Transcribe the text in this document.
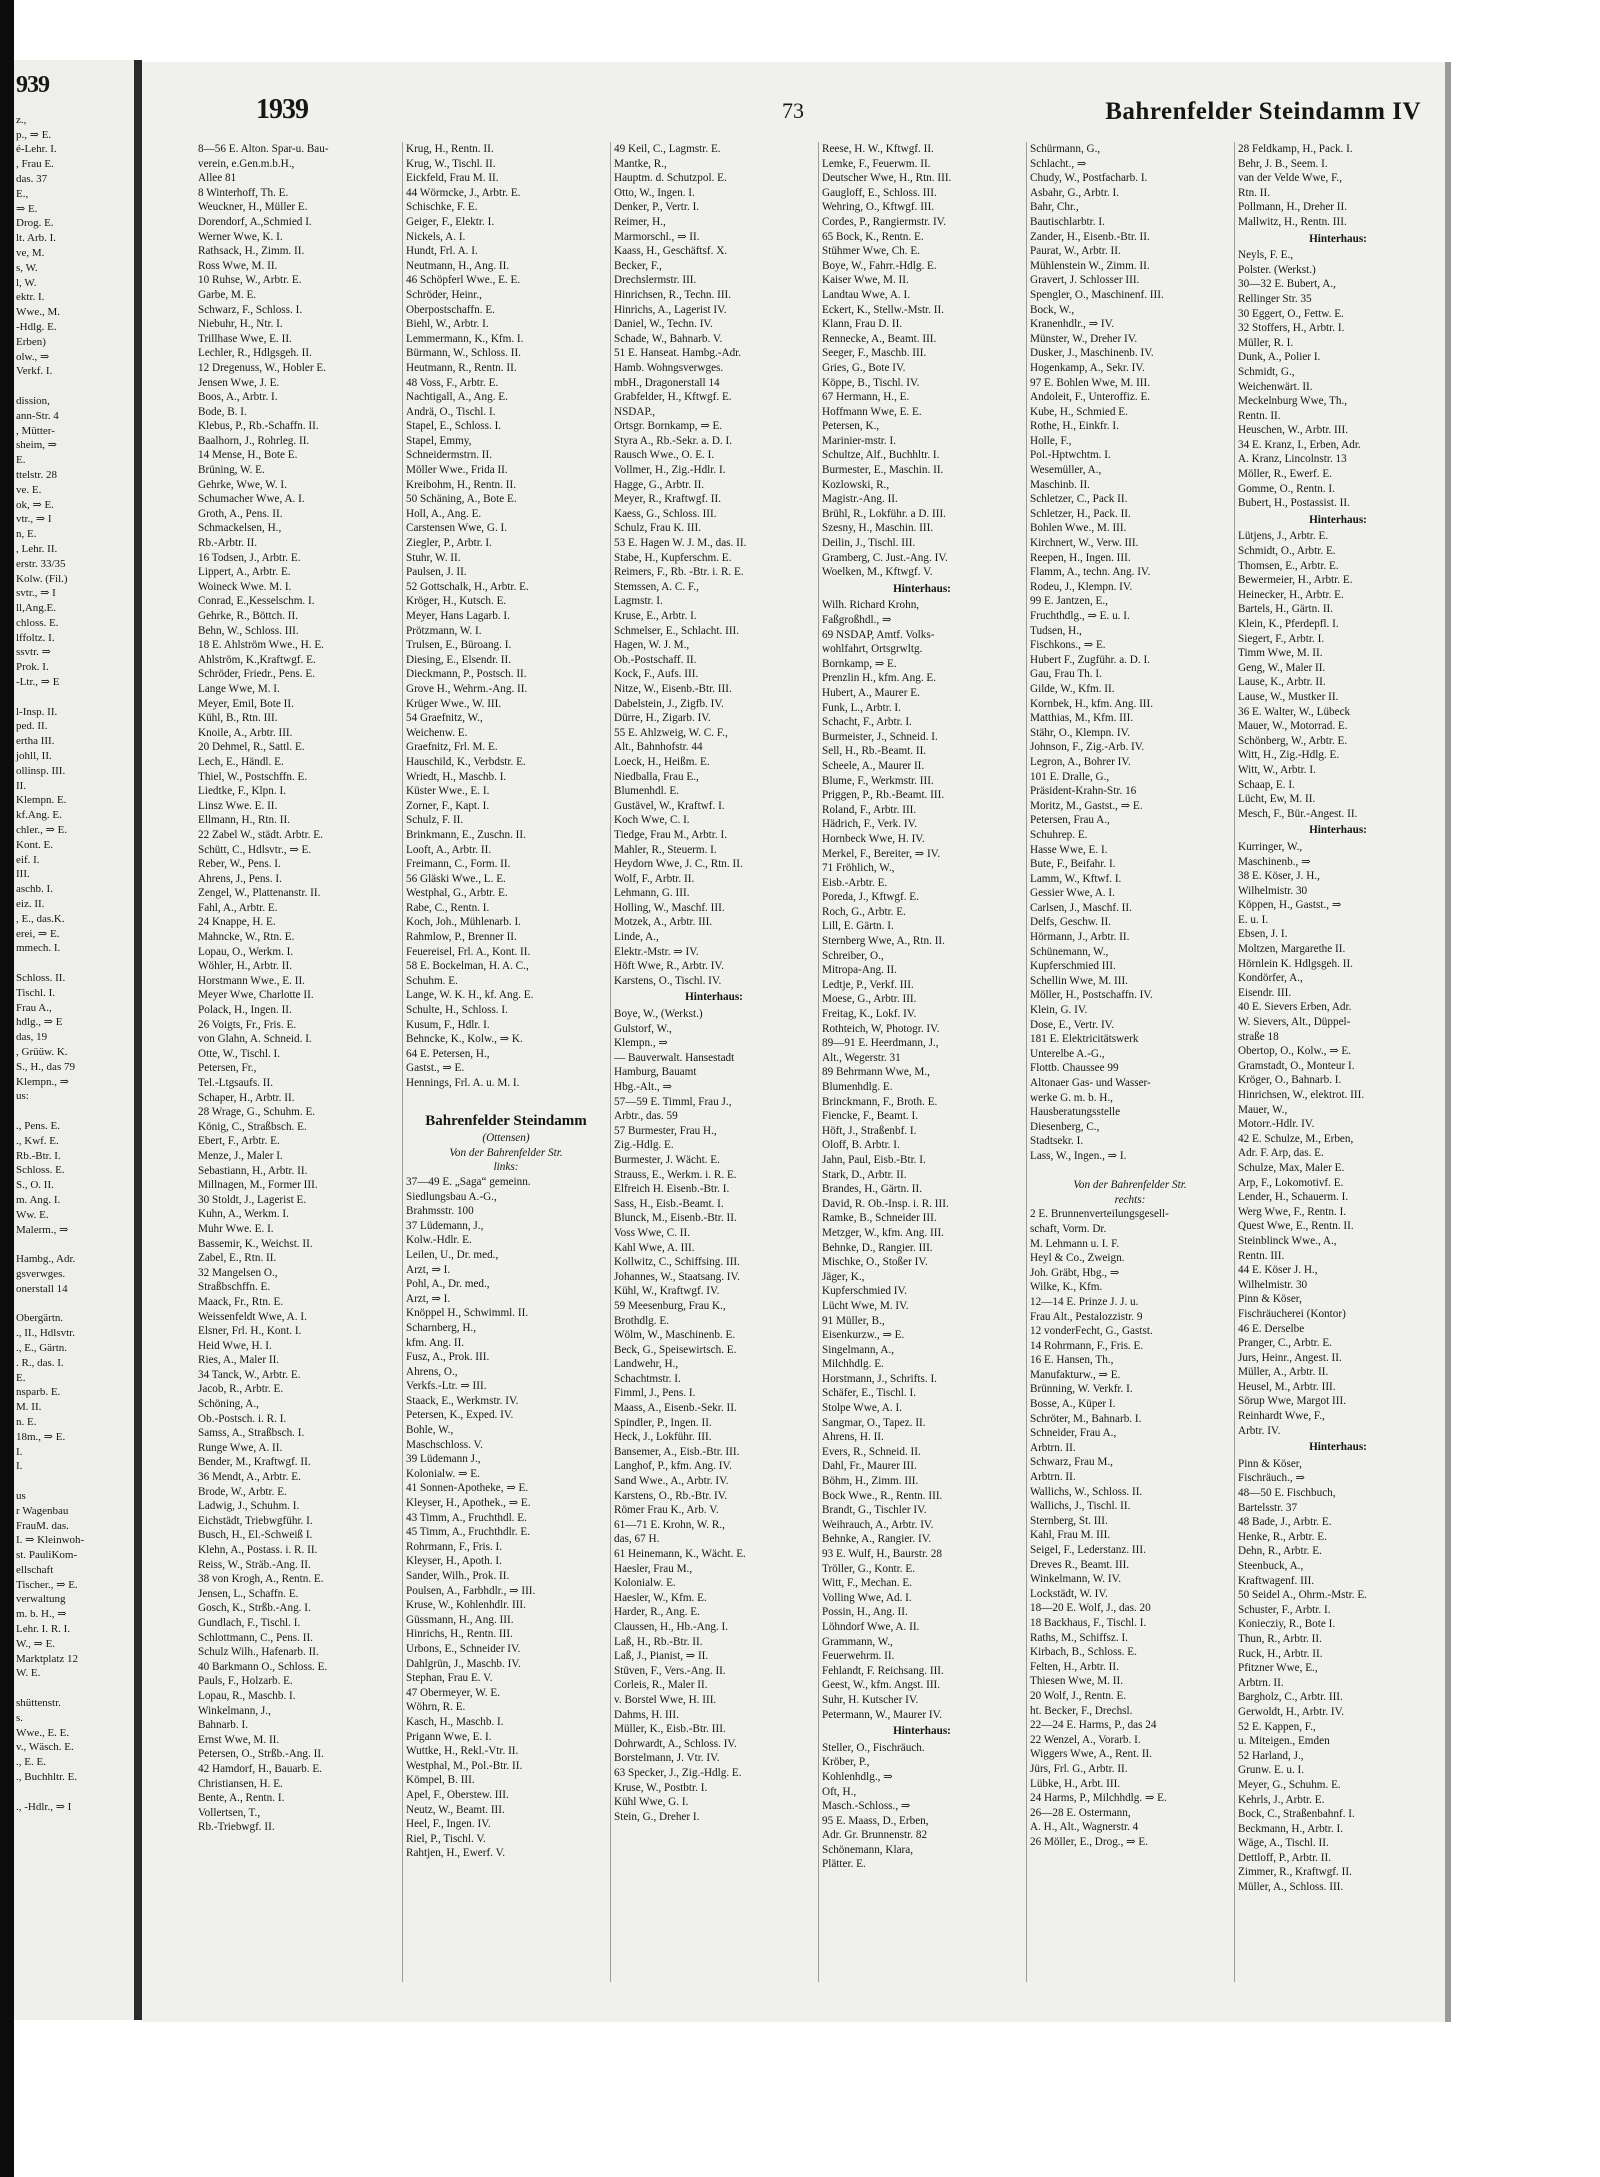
939
z.,
p., ⇒ E.
é-Lehr. I.
, Frau E.
das. 37
E.,
⇒ E.
Drog. E.
lt. Arb. I.
ve, M.
s, W.
l, W.
ektr. I.
Wwe., M.
-Hdlg. E.
Erben)
olw., ⇒
Verkf. I.

dission,
ann-Str. 4
, Mütter-
sheim, ⇒
E.
ttelstr. 28
ve. E.
ok, ⇒ E.
vtr., ⇒ I
n, E.
, Lehr. II.
erstr. 33/35
Kolw. (Fil.)
svtr., ⇒ I
ll,Ang.E.
chloss. E.
lffoltz. I.
ssvtr. ⇒
Prok. I.
-Ltr., ⇒ E

l-Insp. II.
ped. II.
ertha III.
johll, II.
ollinsp. III.
II.
Klempn. E.
kf.Ang. E.
chler., ⇒ E.
Kont. E.
eif. I.
III.
aschb. I.
eiz. II.
, E., das.K.
erei, ⇒ E.
mmech. I.

Schloss. II.
Tischl. I.
Frau A.,
hdlg., ⇒ E
das, 19
, Grüüw. K.
S., H., das 79
Klempn., ⇒
us:

., Pens. E.
., Kwf. E.
Rb.-Btr. I.
Schloss. E.
S., O. II.
m. Ang. I.
Ww. E.
Malerm., ⇒

Hambg., Adr.
gsverwges.
onerstall 14

Obergärtn.
., II., Hdlsvtr.
., E., Gärtn.
. R., das. I.
E.
nsparb. E.
M. II.
n. E.
18m., ⇒ E.
I.
I.

us
r Wagenbau
FrauM. das.
I. ⇒ Kleinwoh-
st. PauliKom-
ellschaft
Tischer., ⇒ E.
verwaltung
m. b. H., ⇒
Lehr. I. R. I.
W., ⇒ E.
Marktplatz 12
W. E.

shüttenstr.
s.
Wwe., E. E.
v., Wäsch. E.
., E. E.
., Buchhltr. E.

., -Hdlr., ⇒ I
1939	73	Bahrenfelder Steindamm IV
8—56 E. Alton. Spar-u. Bau-
verein, e.Gen.m.b.H.,
Allee 81
8 Winterhoff, Th. E.
Weuckner, H., Müller E.
Dorendorf, A.,Schmied I.
Werner Wwe, K. I.
Rathsack, H., Zimm. II.
Ross Wwe, M. II.
10 Ruhse, W., Arbtr. E.
Garbe, M. E.
Schwarz, F., Schloss. I.
Niebuhr, H., Ntr. I.
Trillhase Wwe, E. II.
Lechler, R., Hdlgsgeh. II.
12 Dregenuss, W., Hobler E.
Jensen Wwe, J. E.
Boos, A., Arbtr. I.
Bode, B. I.
Klebus, P., Rb.-Schaffn. II.
Baalhorn, J., Rohrleg. II.
14 Mense, H., Bote E.
Brüning, W. E.
Gehrke, Wwe, W. I.
Schumacher Wwe, A. I.
Groth, A., Pens. II.
Schmackelsen, H.,
Rb.-Arbtr. II.
16 Todsen, J., Arbtr. E.
Lippert, A., Arbtr. E.
Woineck Wwe. M. I.
Conrad, E.,Kesselschm. I.
Gehrke, R., Böttch. II.
Behn, W., Schloss. III.
18 E. Ahlström Wwe., H. E.
Ahlström, K.,Kraftwgf. E.
Schröder, Friedr., Pens. E.
Lange Wwe, M. I.
Meyer, Emil, Bote II.
Kühl, B., Rtn. III.
Knoile, A., Arbtr. III.
20 Dehmel, R., Sattl. E.
Lech, E., Händl. E.
Thiel, W., Postschffn. E.
Liedtke, F., Klpn. I.
Linsz Wwe. E. II.
Ellmann, H., Rtn. II.
22 Zabel W., städt. Arbtr. E.
Schütt, C., Hdlsvtr., ⇒ E.
Reber, W., Pens. I.
Ahrens, J., Pens. I.
Zengel, W., Plattenanstr. II.
Fahl, A., Arbtr. E.
24 Knappe, H. E.
Mahncke, W., Rtn. E.
Lopau, O., Werkm. I.
Wöhler, H., Arbtr. II.
Horstmann Wwe., E. II.
Meyer Wwe, Charlotte II.
Polack, H., Ingen. II.
26 Voigts, Fr., Fris. E.
von Glahn, A. Schneid. I.
Otte, W., Tischl. I.
Petersen, Fr.,
Tel.-Ltgsaufs. II.
Schaper, H., Arbtr. II.
28 Wrage, G., Schuhm. E.
König, C., Straßbsch. E.
Ebert, F., Arbtr. E.
Menze, J., Maler I.
Sebastiann, H., Arbtr. II.
Millnagen, M., Former III.
30 Stoldt, J., Lagerist E.
Kuhn, A., Werkm. I.
Muhr Wwe. E. I.
Bassemir, K., Weichst. II.
Zabel, E., Rtn. II.
32 Mangelsen O.,
Straßbschffn. E.
Maack, Fr., Rtn. E.
Weissenfeldt Wwe, A. I.
Elsner, Frl. H., Kont. I.
Heid Wwe, H. I.
Ries, A., Maler II.
34 Tanck, W., Arbtr. E.
Jacob, R., Arbtr. E.
Schöning, A.,
Ob.-Postsch. i. R. I.
Samss, A., Straßbsch. I.
Runge Wwe, A. II.
Bender, M., Kraftwgf. II.
36 Mendt, A., Arbtr. E.
Brode, W., Arbtr. E.
Ladwig, J., Schuhm. I.
Eichstädt, Triebwgführ. I.
Busch, H., El.-Schweiß I.
Klehn, A., Postass. i. R. II.
Reiss, W., Sträb.-Ang. II.
38 von Krogh, A., Rentn. E.
Jensen, L., Schaffn. E.
Gosch, K., Strßb.-Ang. I.
Gundlach, F., Tischl. I.
Schlottmann, C., Pens. II.
Schulz Wilh., Hafenarb. II.
40 Barkmann O., Schloss. E.
Pauls, F., Holzarb. E.
Lopau, R., Maschb. I.
Winkelmann, J.,
Bahnarb. I.
Ernst Wwe, M. II.
Petersen, O., Strßb.-Ang. II.
42 Hamdorf, H., Bauarb. E.
Christiansen, H. E.
Bente, A., Rentn. I.
Vollertsen, T.,
Rb.-Triebwgf. II.
Krug, H., Rentn. II.
Krug, W., Tischl. II.
Eickfeld, Frau M. II.
44 Wörmcke, J., Arbtr. E.
Schischke, F. E.
Geiger, F., Elektr. I.
Nickels, A. I.
Hundt, Frl. A. I.
Neutmann, H., Ang. II.
46 Schöpferl Wwe., E. E.
Schröder, Heinr.,
Oberpostschaffn. E.
Biehl, W., Arbtr. I.
Lemmermann, K., Kfm. I.
Bürmann, W., Schloss. II.
Heutmann, R., Rentn. II.
48 Voss, F., Arbtr. E.
Nachtigall, A., Ang. E.
Andrä, O., Tischl. I.
Stapel, E., Schloss. I.
Stapel, Emmy,
Schneidermstrn. II.
Möller Wwe., Frida II.
Kreibohm, H., Rentn. II.
50 Schäning, A., Bote E.
Holl, A., Ang. E.
Carstensen Wwe, G. I.
Ziegler, P., Arbtr. I.
Stuhr, W. II.
Paulsen, J. II.
52 Gottschalk, H., Arbtr. E.
Kröger, H., Kutsch. E.
Meyer, Hans Lagarb. I.
Prötzmann, W. I.
Trulsen, E., Büroang. I.
Diesing, E., Elsendr. II.
Dieckmann, P., Postsch. II.
Grove H., Wehrm.-Ang. II.
Krüger Wwe., W. III.
54 Graefnitz, W.,
Weichenw. E.
Graefnitz, Frl. M. E.
Hauschild, K., Verbdstr. E.
Wriedt, H., Maschb. I.
Küster Wwe., E. I.
Zorner, F., Kapt. I.
Schulz, F. II.
Brinkmann, E., Zuschn. II.
Looft, A., Arbtr. II.
Freimann, C., Form. II.
56 Gläski Wwe., L. E.
Westphal, G., Arbtr. E.
Rabe, C., Rentn. I.
Koch, Joh., Mühlenarb. I.
Rahmlow, P., Brenner II.
Feuereisel, Frl. A., Kont. II.
58 E. Bockelman, H. A. C.,
Schuhm. E.
Lange, W. K. H., kf. Ang. E.
Schulte, H., Schloss. I.
Kusum, F., Hdlr. I.
Behncke, K., Kolw., ⇒ K.
64 E. Petersen, H.,
Gastst., ⇒ E.
Hennings, Frl. A. u. M. I.

Bahrenfelder Steindamm
(Ottensen)
Von der Bahrenfelder Str.
links:
37—49 E. „Saga“ gemeinn.
Siedlungsbau A.-G.,
Brahmsstr. 100
37 Lüdemann, J.,
Kolw.-Hdlr. E.
Leilen, U., Dr. med.,
Arzt, ⇒ I.
Pohl, A., Dr. med.,
Arzt, ⇒ I.
Knöppel H., Schwimml. II.
Scharnberg, H.,
kfm. Ang. II.
Fusz, A., Prok. III.
Ahrens, O.,
Verkfs.-Ltr. ⇒ III.
Staack, E., Werkmstr. IV.
Petersen, K., Exped. IV.
Bohle, W.,
Maschschloss. V.
39 Lüdemann J.,
Kolonialw. ⇒ E.
41 Sonnen-Apotheke, ⇒ E.
Kleyser, H., Apothek., ⇒ E.
43 Timm, A., Fruchthdl. E.
45 Timm, A., Fruchthdlr. E.
Rohrmann, F., Fris. I.
Kleyser, H., Apoth. I.
Sander, Wilh., Prok. II.
Poulsen, A., Farbhdlr., ⇒ III.
Kruse, W., Kohlenhdlr. III.
Güssmann, H., Ang. III.
Hinrichs, H., Rentn. III.
Urbons, E., Schneider IV.
Dahlgrün, J., Maschb. IV.
Stephan, Frau E. V.
47 Obermeyer, W. E.
Wöhrn, R. E.
Kasch, H., Maschb. I.
Prigann Wwe, E. I.
Wuttke, H., Rekl.-Vtr. II.
Westphal, M., Pol.-Btr. II.
Kömpel, B. III.
Apel, F., Oberstew. III.
Neutz, W., Beamt. III.
Heel, F., Ingen. IV.
Riel, P., Tischl. V.
Rahtjen, H., Ewerf. V.
49 Keil, C., Lagmstr. E.
Mantke, R.,
Hauptm. d. Schutzpol. E.
Otto, W., Ingen. I.
Denker, P., Vertr. I.
Reimer, H.,
Marmorschl., ⇒ II.
Kaass, H., Geschäftsf. X.
Becker, F.,
Drechslermstr. III.
Hinrichsen, R., Techn. III.
Hinrichs, A., Lagerist IV.
Daniel, W., Techn. IV.
Schade, W., Bahnarb. V.
51 E. Hanseat. Hambg.-Adr.
Hamb. Wohngsverwges.
mbH., Dragonerstall 14
Grabfelder, H., Kftwgf. E.
NSDAP.,
Ortsgr. Bornkamp, ⇒ E.
Styra A., Rb.-Sekr. a. D. I.
Rausch Wwe., O. E. I.
Vollmer, H., Zig.-Hdlr. I.
Hagge, G., Arbtr. II.
Meyer, R., Kraftwgf. II.
Kaess, G., Schloss. III.
Schulz, Frau K. III.
53 E. Hagen W. J. M., das. II.
Stabe, H., Kupferschm. E.
Reimers, F., Rb. -Btr. i. R. E.
Stemssen, A. C. F.,
Lagmstr. I.
Kruse, E., Arbtr. I.
Schmelser, E., Schlacht. III.
Hagen, W. J. M.,
Ob.-Postschaff. II.
Kock, F., Aufs. III.
Nitze, W., Eisenb.-Btr. III.
Dabelstein, J., Zigfb. IV.
Dürre, H., Zigarb. IV.
55 E. Ahlzweig, W. C. F.,
Alt., Bahnhofstr. 44
Loeck, H., Heißm. E.
Niedballa, Frau E.,
Blumenhdl. E.
Gustävel, W., Kraftwf. I.
Koch Wwe, C. I.
Tiedge, Frau M., Arbtr. I.
Mahler, R., Steuerm. I.
Heydorn Wwe, J. C., Rtn. II.
Wolf, F., Arbtr. II.
Lehmann, G. III.
Holling, W., Maschf. III.
Motzek, A., Arbtr. III.
Linde, A.,
Elektr.-Mstr. ⇒ IV.
Höft Wwe, R., Arbtr. IV.
Karstens, O., Tischl. IV.
Hinterhaus:
Boye, W., (Werkst.)
Gulstorf, W.,
Klempn., ⇒
— Bauverwalt. Hansestadt
Hamburg, Bauamt
Hbg.-Alt., ⇒
57—59 E. Timml, Frau J.,
Arbtr., das. 59
57 Burmester, Frau H.,
Zig.-Hdlg. E.
Burmester, J. Wächt. E.
Strauss, E., Werkm. i. R. E.
Elfreich H. Eisenb.-Btr. I.
Sass, H., Eisb.-Beamt. I.
Blunck, M., Eisenb.-Btr. II.
Voss Wwe, C. II.
Kahl Wwe, A. III.
Kollwitz, C., Schiffsing. III.
Johannes, W., Staatsang. IV.
Kühl, W., Kraftwgf. IV.
59 Meesenburg, Frau K.,
Brothdlg. E.
Wölm, W., Maschinenb. E.
Beck, G., Speisewirtsch. E.
Landwehr, H.,
Schachtmstr. I.
Fimml, J., Pens. I.
Maass, A., Eisenb.-Sekr. II.
Spindler, P., Ingen. II.
Heck, J., Lokführ. III.
Bansemer, A., Eisb.-Btr. III.
Langhof, P., kfm. Ang. IV.
Sand Wwe., A., Arbtr. IV.
Karstens, O., Rb.-Btr. IV.
Römer Frau K., Arb. V.
61—71 E. Krohn, W. R.,
das, 67 H.
61 Heinemann, K., Wächt. E.
Haesler, Frau M.,
Kolonialw. E.
Haesler, W., Kfm. E.
Harder, R., Ang. E.
Claussen, H., Hb.-Ang. I.
Laß, H., Rb.-Btr. II.
Laß, J., Pianist, ⇒ II.
Stüven, F., Vers.-Ang. II.
Corleis, R., Maler II.
v. Borstel Wwe, H. III.
Dahms, H. III.
Müller, K., Eisb.-Btr. III.
Dohrwardt, A., Schloss. IV.
Borstelmann, J. Vtr. IV.
63 Specker, J., Zig.-Hdlg. E.
Kruse, W., Postbtr. I.
Kühl Wwe, G. I.
Stein, G., Dreher I.
Reese, H. W., Kftwgf. II.
Lemke, F., Feuerwm. II.
Deutscher Wwe, H., Rtn. III.
Gaugloff, E., Schloss. III.
Wehring, O., Kftwgf. III.
Cordes, P., Rangiermstr. IV.
65 Bock, K., Rentn. E.
Stühmer Wwe, Ch. E.
Boye, W., Fahrr.-Hdlg. E.
Kaiser Wwe, M. II.
Landtau Wwe, A. I.
Eckert, K., Stellw.-Mstr. II.
Klann, Frau D. II.
Rennecke, A., Beamt. III.
Seeger, F., Maschb. III.
Gries, G., Bote IV.
Köppe, B., Tischl. IV.
67 Hermann, H., E.
Hoffmann Wwe, E. E.
Petersen, K.,
Marinier-mstr. I.
Schultze, Alf., Buchhltr. I.
Burmester, E., Maschin. II.
Kozlowski, R.,
Magistr.-Ang. II.
Brühl, R., Lokführ. a D. III.
Szesny, H., Maschin. III.
Deilin, J., Tischl. III.
Gramberg, C. Just.-Ang. IV.
Woelken, M., Kftwgf. V.
Hinterhaus:
Wilh. Richard Krohn,
Faßgroßhdl., ⇒
69 NSDAP, Amtf. Volks-
wohlfahrt, Ortsgrwltg.
Bornkamp, ⇒ E.
Prenzlin H., kfm. Ang. E.
Hubert, A., Maurer E.
Funk, L., Arbtr. I.
Schacht, F., Arbtr. I.
Burmeister, J., Schneid. I.
Sell, H., Rb.-Beamt. II.
Scheele, A., Maurer II.
Blume, F., Werkmstr. III.
Priggen, P., Rb.-Beamt. III.
Roland, F., Arbtr. III.
Hädrich, F., Verk. IV.
Hornbeck Wwe, H. IV.
Merkel, F., Bereiter, ⇒ IV.
71 Fröhlich, W.,
Eisb.-Arbtr. E.
Poreda, J., Kftwgf. E.
Roch, G., Arbtr. E.
Lill, E. Gärtn. I.
Sternberg Wwe, A., Rtn. II.
Schreiber, O.,
Mitropa-Ang. II.
Ledtje, P., Verkf. III.
Moese, G., Arbtr. III.
Freitag, K., Lokf. IV.
Rothteich, W, Photogr. IV.
89—91 E. Heerdmann, J.,
Alt., Wegerstr. 31
89 Behrmann Wwe, M.,
Blumenhdlg. E.
Brinckmann, F., Broth. E.
Fiencke, F., Beamt. I.
Höft, J., Straßenbf. I.
Oloff, B. Arbtr. I.
Jahn, Paul, Eisb.-Btr. I.
Stark, D., Arbtr. II.
Brandes, H., Gärtn. II.
David, R. Ob.-Insp. i. R. III.
Ramke, B., Schneider III.
Metzger, W., kfm. Ang. III.
Behnke, D., Rangier. III.
Mischke, O., Stoßer IV.
Jäger, K.,
Kupferschmied IV.
Lücht Wwe, M. IV.
91 Müller, B.,
Eisenkurzw., ⇒ E.
Singelmann, A.,
Milchhdlg. E.
Horstmann, J., Schrifts. I.
Schäfer, E., Tischl. I.
Stolpe Wwe, A. I.
Sangmar, O., Tapez. II.
Ahrens, H. II.
Evers, R., Schneid. II.
Dahl, Fr., Maurer III.
Böhm, H., Zimm. III.
Bock Wwe., R., Rentn. III.
Brandt, G., Tischler IV.
Weihrauch, A., Arbtr. IV.
Behnke, A., Rangier. IV.
93 E. Wulf, H., Baurstr. 28
Tröller, G., Kontr. E.
Witt, F., Mechan. E.
Volling Wwe, Ad. I.
Possin, H., Ang. II.
Löhndorf Wwe, A. II.
Grammann, W.,
Feuerwehrm. II.
Fehlandt, F. Reichsang. III.
Geest, W., kfm. Angst. III.
Suhr, H. Kutscher IV.
Petermann, W., Maurer IV.
Hinterhaus:
Steller, O., Fischräuch.
Kröber, P.,
Kohlenhdlg., ⇒
Oft, H.,
Masch.-Schloss., ⇒
95 E. Maass, D., Erben,
Adr. Gr. Brunnenstr. 82
Schönemann, Klara,
Plätter. E.
Schürmann, G.,
Schlacht., ⇒
Chudy, W., Postfacharb. I.
Asbahr, G., Arbtr. I.
Bahr, Chr.,
Bautischlarbtr. I.
Zander, H., Eisenb.-Btr. II.
Paurat, W., Arbtr. II.
Mühlenstein W., Zimm. II.
Gravert, J. Schlosser III.
Spengler, O., Maschinenf. III.
Bock, W.,
Kranenhdlr., ⇒ IV.
Münster, W., Dreher IV.
Dusker, J., Maschinenb. IV.
Hogenkamp, A., Sekr. IV.
97 E. Bohlen Wwe, M. III.
Andoleit, F., Unteroffiz. E.
Kube, H., Schmied E.
Rothe, H., Einkfr. I.
Holle, F.,
Pol.-Hptwchtm. I.
Wesemüller, A.,
Maschinb. II.
Schletzer, C., Pack II.
Schletzer, H., Pack. II.
Bohlen Wwe., M. III.
Kirchnert, W., Verw. III.
Reepen, H., Ingen. III.
Flamm, A., techn. Ang. IV.
Rodeu, J., Klempn. IV.
99 E. Jantzen, E.,
Fruchthdlg., ⇒ E. u. I.
Tudsen, H.,
Fischkons., ⇒ E.
Hubert F., Zugführ. a. D. I.
Gau, Frau Th. I.
Gilde, W., Kfm. II.
Kornbek, H., kfm. Ang. III.
Matthias, M., Kfm. III.
Stähr, O., Klempn. IV.
Johnson, F., Zig.-Arb. IV.
Legron, A., Bohrer IV.
101 E. Dralle, G.,
Präsident-Krahn-Str. 16
Moritz, M., Gastst., ⇒ E.
Petersen, Frau A.,
Schuhrep. E.
Hasse Wwe, E. I.
Bute, F., Beifahr. I.
Lamm, W., Kftwf. I.
Gessier Wwe, A. I.
Carlsen, J., Maschf. II.
Delfs, Geschw. II.
Hörmann, J., Arbtr. II.
Schünemann, W.,
Kupferschmied III.
Schellin Wwe, M. III.
Möller, H., Postschaffn. IV.
Klein, G. IV.
Dose, E., Vertr. IV.
181 E. Elektricitätswerk
Unterelbe A.-G.,
Flottb. Chaussee 99
Altonaer Gas- und Wasser-
werke G. m. b. H.,
Hausberatungsstelle
Diesenberg, C.,
Stadtsekr. I.
Lass, W., Ingen., ⇒ I.

Von der Bahrenfelder Str.
rechts:
2 E. Brunnenverteilungsgesell-
schaft, Vorm. Dr.
M. Lehmann u. I. F.
Heyl & Co., Zweign.
Joh. Gräbt, Hbg., ⇒
Wilke, K., Kfm.
12—14 E. Prinze J. J. u.
Frau Alt., Pestalozzistr. 9
12 vonderFecht, G., Gastst.
14 Rohrmann, F., Fris. E.
16 E. Hansen, Th.,
Manufakturw., ⇒ E.
Brünning, W. Verkfr. I.
Bosse, A., Küper I.
Schröter, M., Bahnarb. I.
Schneider, Frau A.,
Arbtrn. II.
Schwarz, Frau M.,
Arbtrn. II.
Wallichs, W., Schloss. II.
Wallichs, J., Tischl. II.
Sternberg, St. III.
Kahl, Frau M. III.
Seigel, F., Lederstanz. III.
Dreves R., Beamt. III.
Winkelmann, W. IV.
Lockstädt, W. IV.
18—20 E. Wolf, J., das. 20
18 Backhaus, F., Tischl. I.
Raths, M., Schiffsz. I.
Kirbach, B., Schloss. E.
Felten, H., Arbtr. II.
Thiesen Wwe, M. II.
20 Wolf, J., Rentn. E.
ht. Becker, F., Drechsl.
22—24 E. Harms, P., das 24
22 Wenzel, A., Vorarb. I.
Wiggers Wwe, A., Rent. II.
Jürs, Frl. G., Arbtr. II.
Lübke, H., Arbt. III.
24 Harms, P., Milchhdlg. ⇒ E.
26—28 E. Ostermann,
A. H., Alt., Wagnerstr. 4
26 Möller, E., Drog., ⇒ E.
28 Feldkamp, H., Pack. I.
Behr, J. B., Seem. I.
van der Velde Wwe, F.,
Rtn. II.
Pollmann, H., Dreher II.
Mallwitz, H., Rentn. III.
Hinterhaus:
Neyls, F. E.,
Polster. (Werkst.)
30—32 E. Bubert, A.,
Rellinger Str. 35
30 Eggert, O., Fettw. E.
32 Stoffers, H., Arbtr. I.
Müller, R. I.
Dunk, A., Polier I.
Schmidt, G.,
Weichenwärt. II.
Meckelnburg Wwe, Th.,
Rentn. II.
Heuschen, W., Arbtr. III.
34 E. Kranz, I., Erben, Adr.
A. Kranz, Lincolnstr. 13
Möller, R., Ewerf. E.
Gomme, O., Rentn. I.
Bubert, H., Postassist. II.
Hinterhaus:
Lütjens, J., Arbtr. E.
Schmidt, O., Arbtr. E.
Thomsen, E., Arbtr. E.
Bewermeier, H., Arbtr. E.
Heinecker, H., Arbtr. E.
Bartels, H., Gärtn. II.
Klein, K., Pferdepfl. I.
Siegert, F., Arbtr. I.
Timm Wwe, M. II.
Geng, W., Maler II.
Lause, K., Arbtr. II.
Lause, W., Mustker II.
36 E. Walter, W., Lübeck
Mauer, W., Motorrad. E.
Schönberg, W., Arbtr. E.
Witt, H., Zig.-Hdlg. E.
Witt, W., Arbtr. I.
Schaap, E. I.
Lücht, Ew, M. II.
Mesch, F., Bür.-Angest. II.
Hinterhaus:
Kurringer, W.,
Maschinenb., ⇒
38 E. Köser, J. H.,
Wilhelmistr. 30
Köppen, H., Gastst., ⇒
E. u. I.
Ebsen, J. I.
Moltzen, Margarethe II.
Hörnlein K. Hdlgsgeh. II.
Kondörfer, A.,
Eisendr. III.
40 E. Sievers Erben, Adr.
W. Sievers, Alt., Düppel-
straße 18
Obertop, O., Kolw., ⇒ E.
Gramstadt, O., Monteur I.
Kröger, O., Bahnarb. I.
Hinrichsen, W., elektrot. III.
Mauer, W.,
Motorr.-Hdlr. IV.
42 E. Schulze, M., Erben,
Adr. F. Arp, das. E.
Schulze, Max, Maler E.
Arp, F., Lokomotivf. E.
Lender, H., Schauerm. I.
Werg Wwe, F., Rentn. I.
Quest Wwe, E., Rentn. II.
Steinblinck Wwe., A.,
Rentn. III.
44 E. Köser J. H.,
Wilhelmistr. 30
Pinn & Köser,
Fischräucherei (Kontor)
46 E. Derselbe
Pranger, C., Arbtr. E.
Jurs, Heinr., Angest. II.
Müller, A., Arbtr. II.
Heusel, M., Arbtr. III.
Sörup Wwe, Margot III.
Reinhardt Wwe, F.,
Arbtr. IV.
Hinterhaus:
Pinn & Köser,
Fischräuch., ⇒
48—50 E. Fischbuch,
Bartelsstr. 37
48 Bade, J., Arbtr. E.
Henke, R., Arbtr. E.
Dehn, R., Arbtr. E.
Steenbuck, A.,
Kraftwagenf. III.
50 Seidel A., Ohrm.-Mstr. E.
Schuster, F., Arbtr. I.
Koniecziy, R., Bote I.
Thun, R., Arbtr. II.
Ruck, H., Arbtr. II.
Pfitzner Wwe, E.,
Arbtrn. II.
Bargholz, C., Arbtr. III.
Gerwoldt, H., Arbtr. IV.
52 E. Kappen, F.,
u. Miteigen., Emden
52 Harland, J.,
Grunw. E. u. I.
Meyer, G., Schuhm. E.
Kehrls, J., Arbtr. E.
Bock, C., Straßenbahnf. I.
Beckmann, H., Arbtr. I.
Wäge, A., Tischl. II.
Dettloff, P., Arbtr. II.
Zimmer, R., Kraftwgf. II.
Müller, A., Schloss. III.
